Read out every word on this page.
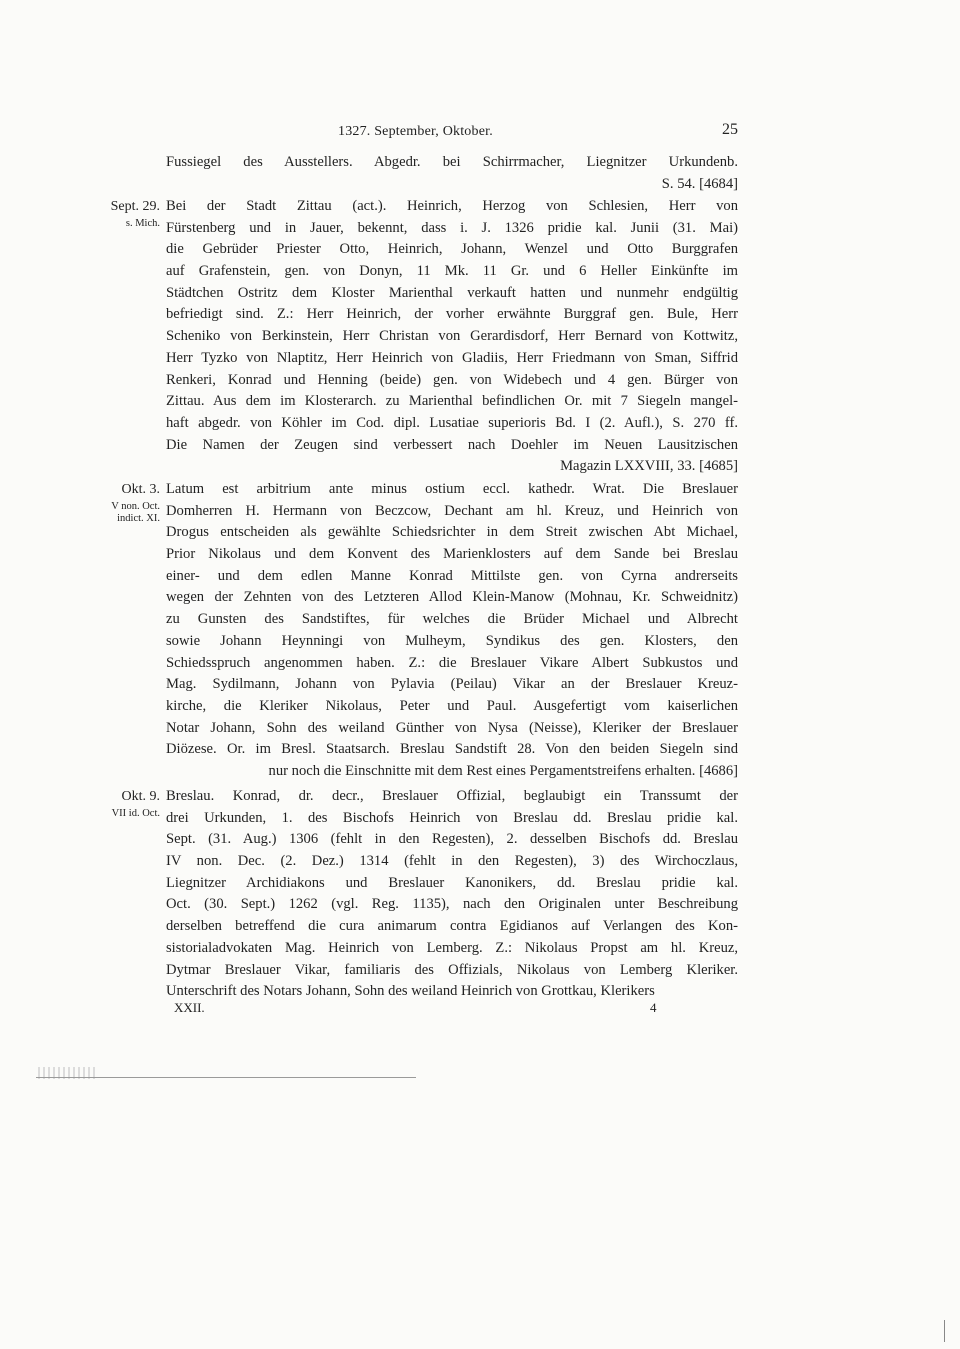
1327. September, Oktober.	25
Fussiegel des Ausstellers. Abgedr. bei Schirrmacher, Liegnitzer Urkundenb.
S. 54. [4684]
Sept. 29.
s. Mich.
Bei der Stadt Zittau (act.). Heinrich, Herzog von Schlesien, Herr von
Fürstenberg und in Jauer, bekennt, dass i. J. 1326 pridie kal. Junii (31. Mai)
die Gebrüder Priester Otto, Heinrich, Johann, Wenzel und Otto Burggrafen
auf Grafenstein, gen. von Donyn, 11 Mk. 11 Gr. und 6 Heller Einkünfte im
Städtchen Ostritz dem Kloster Marienthal verkauft hatten und nunmehr endgültig
befriedigt sind. Z.: Herr Heinrich, der vorher erwähnte Burggraf gen. Bule, Herr
Scheniko von Berkinstein, Herr Christan von Gerardisdorf, Herr Bernard von Kottwitz,
Herr Tyzko von Nlaptitz, Herr Heinrich von Gladiis, Herr Friedmann von Sman, Siffrid
Renkeri, Konrad und Henning (beide) gen. von Widebech und 4 gen. Bürger von
Zittau. Aus dem im Klosterarch. zu Marienthal befindlichen Or. mit 7 Siegeln mangel-
haft abgedr. von Köhler im Cod. dipl. Lusatiae superioris Bd. I (2. Aufl.), S. 270 ff.
Die Namen der Zeugen sind verbessert nach Doehler im Neuen Lausitzischen
Magazin LXXVIII, 33. [4685]
Okt. 3.
V non. Oct.
indict. XI.
Latum est arbitrium ante minus ostium eccl. kathedr. Wrat. Die Breslauer
Domherren H. Hermann von Beczcow, Dechant am hl. Kreuz, und Heinrich von
Drogus entscheiden als gewählte Schiedsrichter in dem Streit zwischen Abt Michael,
Prior Nikolaus und dem Konvent des Marienklosters auf dem Sande bei Breslau
einer- und dem edlen Manne Konrad Mittilste gen. von Cyrna andrerseits
wegen der Zehnten von des Letzteren Allod Klein-Manow (Mohnau, Kr. Schweidnitz)
zu Gunsten des Sandstiftes, für welches die Brüder Michael und Albrecht
sowie Johann Heynningi von Mulheym, Syndikus des gen. Klosters, den
Schiedsspruch angenommen haben. Z.: die Breslauer Vikare Albert Subkustos und
Mag. Sydilmann, Johann von Pylavia (Peilau) Vikar an der Breslauer Kreuz-
kirche, die Kleriker Nikolaus, Peter und Paul. Ausgefertigt vom kaiserlichen
Notar Johann, Sohn des weiland Günther von Nysa (Neisse), Kleriker der Breslauer
Diözese. Or. im Bresl. Staatsarch. Breslau Sandstift 28. Von den beiden Siegeln sind
nur noch die Einschnitte mit dem Rest eines Pergamentstreifens erhalten. [4686]
Okt. 9.
VII id. Oct.
Breslau. Konrad, dr. decr., Breslauer Offizial, beglaubigt ein Transsumt der
drei Urkunden, 1. des Bischofs Heinrich von Breslau dd. Breslau pridie kal.
Sept. (31. Aug.) 1306 (fehlt in den Regesten), 2. desselben Bischofs dd. Breslau
IV non. Dec. (2. Dez.) 1314 (fehlt in den Regesten), 3) des Wirchoczlaus,
Liegnitzer Archidiakons und Breslauer Kanonikers, dd. Breslau pridie kal.
Oct. (30. Sept.) 1262 (vgl. Reg. 1135), nach den Originalen unter Beschreibung
derselben betreffend die cura animarum contra Egidianos auf Verlangen des Kon-
sistorialadvokaten Mag. Heinrich von Lemberg. Z.: Nikolaus Propst am hl. Kreuz,
Dytmar Breslauer Vikar, familiaris des Offizials, Nikolaus von Lemberg Kleriker.
Unterschrift des Notars Johann, Sohn des weiland Heinrich von Grottkau, Klerikers
XXII.	4
